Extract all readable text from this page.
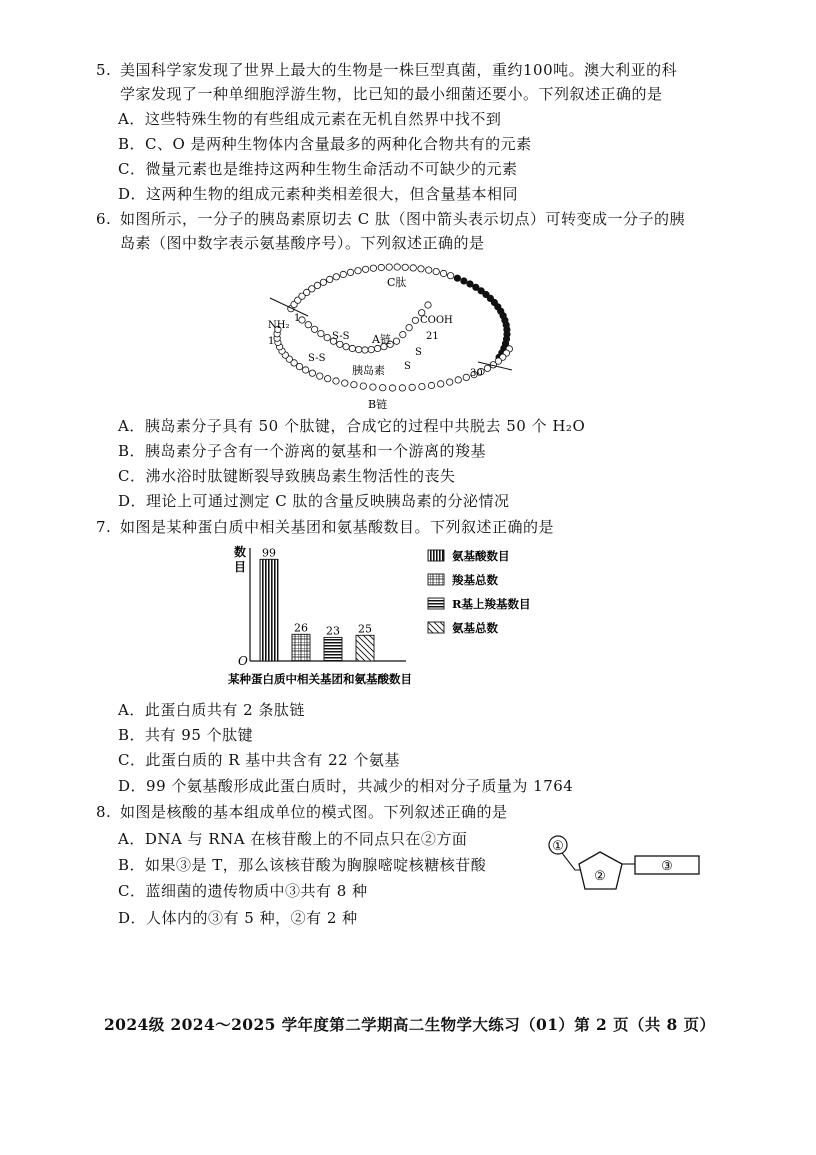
5. 美国科学家发现了世界上最大的生物是一株巨型真菌，重约100吨。澳大利亚的科
学家发现了一种单细胞浮游生物，比已知的最小细菌还要小。下列叙述正确的是
A．这些特殊生物的有些组成元素在无机自然界中找不到
B．C、O 是两种生物体内含量最多的两种化合物共有的元素
C．微量元素也是维持这两种生物生命活动不可缺少的元素
D．这两种生物的组成元素种类相差很大，但含量基本相同
6. 如图所示，一分子的胰岛素原切去 C 肽（图中箭头表示切点）可转变成一分子的胰
岛素（图中数字表示氨基酸序号）。下列叙述正确的是
C肽
A链
胰岛素
B链
NH₂	COOH
1
1	21
30
S-S
S-S
S
S
A．胰岛素分子具有 50 个肽键，合成它的过程中共脱去 50 个 H₂O
B．胰岛素分子含有一个游离的氨基和一个游离的羧基
C．沸水浴时肽键断裂导致胰岛素生物活性的丧失
D．理论上可通过测定 C 肽的含量反映胰岛素的分泌情况
7. 如图是某种蛋白质中相关基团和氨基酸数目。下列叙述正确的是
数
目
O
99
26 23 25
氨基酸数目
羧基总数
R基上羧基数目
氨基总数
某种蛋白质中相关基团和氨基酸数目
A．此蛋白质共有 2 条肽链
B．共有 95 个肽键
C．此蛋白质的 R 基中共含有 22 个氨基
D．99 个氨基酸形成此蛋白质时，共减少的相对分子质量为 1764
8. 如图是核酸的基本组成单位的模式图。下列叙述正确的是
A．DNA 与 RNA 在核苷酸上的不同点只在②方面
B．如果③是 T，那么该核苷酸为胸腺嘧啶核糖核苷酸
C．蓝细菌的遗传物质中③共有 8 种
D．人体内的③有 5 种，②有 2 种
①
②
③
2024级 2024～2025 学年度第二学期高二生物学大练习（01）第 2 页（共 8 页）
